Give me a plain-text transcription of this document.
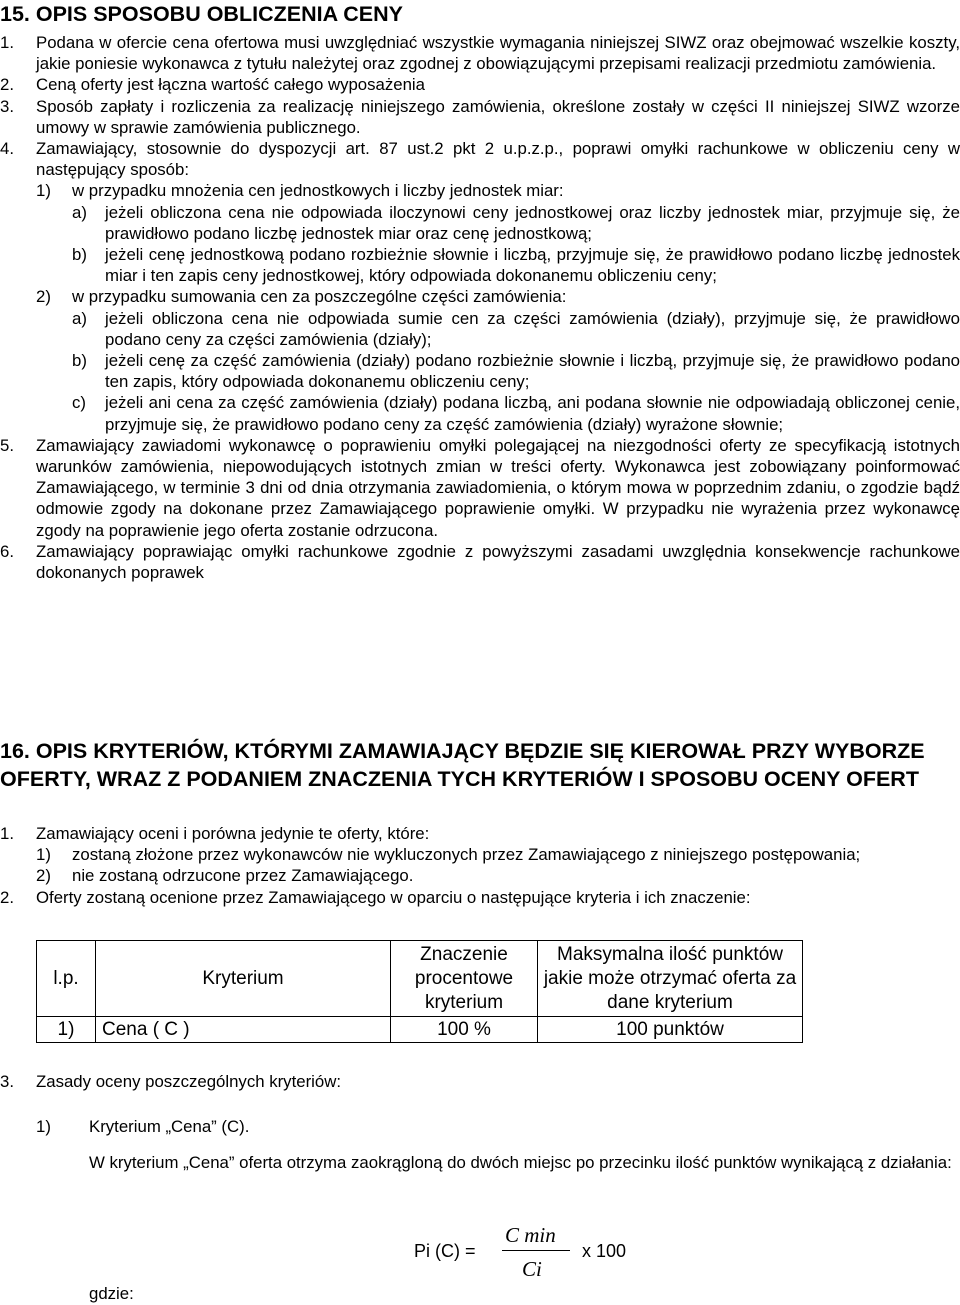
15. OPIS SPOSOBU OBLICZENIA CENY
1.	Podana w ofercie cena ofertowa musi uwzględniać wszystkie wymagania niniejszej SIWZ oraz obejmować wszelkie koszty, jakie poniesie wykonawca z tytułu należytej oraz zgodnej z obowiązującymi przepisami realizacji przedmiotu zamówienia.
2.	Ceną oferty jest łączna wartość całego wyposażenia
3.	Sposób zapłaty i rozliczenia za realizację niniejszego zamówienia, określone zostały w części II niniejszej SIWZ wzorze umowy w sprawie zamówienia publicznego.
4.	Zamawiający, stosownie do dyspozycji art. 87 ust.2 pkt 2 u.p.z.p., poprawi omyłki rachunkowe w obliczeniu ceny w następujący sposób:
1)	w przypadku mnożenia cen jednostkowych i liczby jednostek miar:
a)	jeżeli obliczona cena nie odpowiada iloczynowi ceny jednostkowej oraz liczby jednostek miar, przyjmuje się, że prawidłowo podano liczbę jednostek miar oraz cenę jednostkową;
b)	jeżeli cenę jednostkową podano rozbieżnie słownie i liczbą, przyjmuje się, że prawidłowo podano liczbę jednostek miar i ten zapis ceny jednostkowej, który odpowiada dokonanemu obliczeniu ceny;
2)	w przypadku sumowania cen za poszczególne części zamówienia:
a)	jeżeli obliczona cena nie odpowiada sumie cen za części zamówienia (działy), przyjmuje się, że prawidłowo podano ceny za części zamówienia (działy);
b)	jeżeli cenę za część zamówienia (działy) podano rozbieżnie słownie i liczbą, przyjmuje się, że prawidłowo podano ten zapis, który odpowiada dokonanemu obliczeniu ceny;
c)	jeżeli ani cena za część zamówienia (działy) podana liczbą, ani podana słownie nie odpowiadają obliczonej cenie, przyjmuje się, że prawidłowo podano ceny za część zamówienia (działy) wyrażone słownie;
5.	Zamawiający zawiadomi wykonawcę o poprawieniu omyłki polegającej na niezgodności oferty ze specyfikacją istotnych warunków zamówienia, niepowodujących istotnych zmian w treści oferty. Wykonawca jest zobowiązany poinformować Zamawiającego, w terminie 3 dni od dnia otrzymania zawiadomienia, o którym mowa w poprzednim zdaniu, o zgodzie bądź odmowie zgody na dokonane przez Zamawiającego poprawienie omyłki. W przypadku nie wyrażenia przez wykonawcę zgody na poprawienie jego oferta zostanie odrzucona.
6.	Zamawiający poprawiając omyłki rachunkowe zgodnie z powyższymi zasadami uwzględnia konsekwencje rachunkowe dokonanych poprawek
16. OPIS KRYTERIÓW, KTÓRYMI ZAMAWIAJĄCY BĘDZIE SIĘ KIEROWAŁ PRZY WYBORZE OFERTY, WRAZ Z PODANIEM ZNACZENIA TYCH KRYTERIÓW I SPOSOBU OCENY OFERT
1.	Zamawiający oceni i porówna jedynie te oferty, które:
1)	zostaną złożone przez wykonawców nie wykluczonych przez Zamawiającego z niniejszego postępowania;
2)	nie zostaną odrzucone przez Zamawiającego.
2.	Oferty zostaną ocenione przez Zamawiającego w oparciu o następujące kryteria i ich znaczenie:
l.p.	Kryterium	Znaczenie procentowe kryterium	Maksymalna ilość punktów jakie może otrzymać oferta za dane kryterium
1)	Cena ( C )	100 %	100 punktów
3.	Zasady oceny poszczególnych kryteriów:
1)	Kryterium „Cena” (C).
W kryterium „Cena” oferta otrzyma zaokrągloną do dwóch miejsc po przecinku ilość punktów wynikającą z działania:
Pi (C) =
C min
Ci
x 100
gdzie:
